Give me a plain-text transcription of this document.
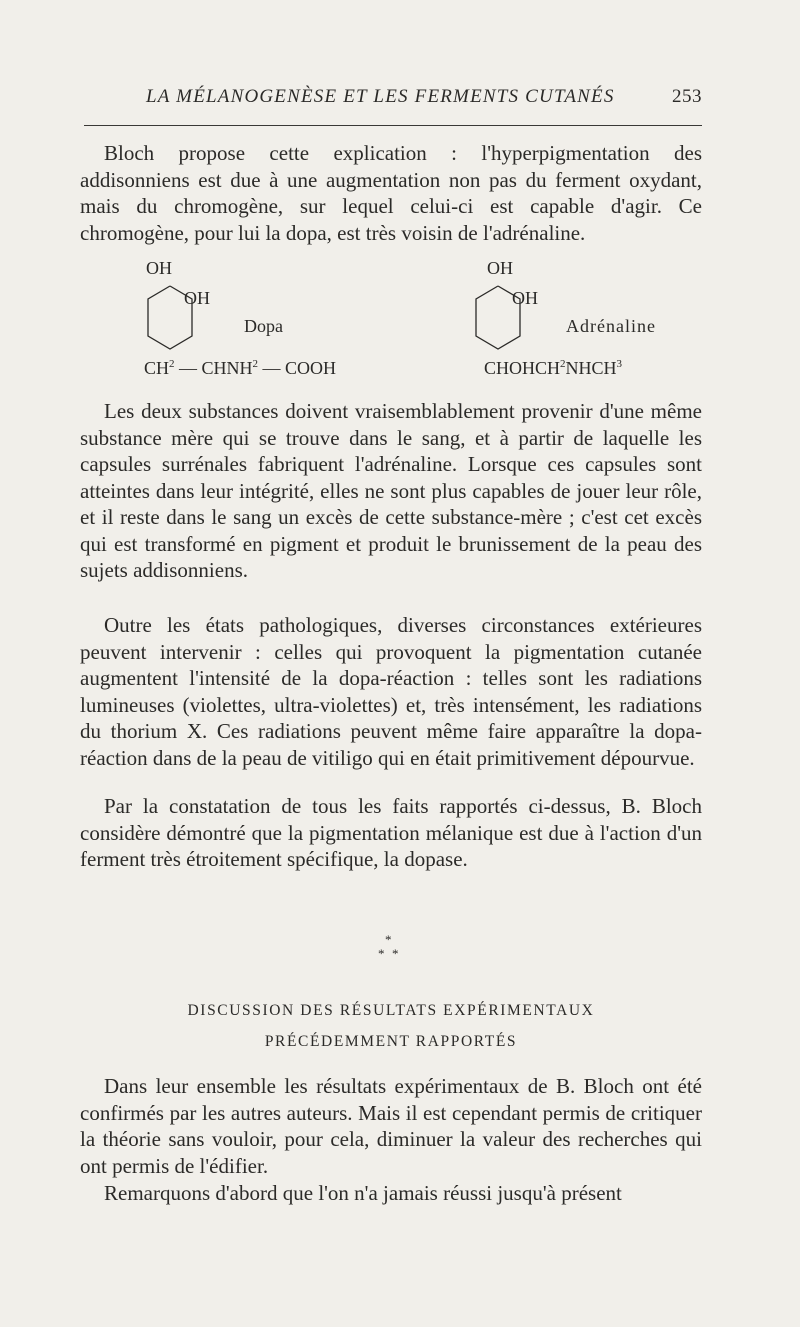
LA MÉLANOGENÈSE ET LES FERMENTS CUTANÉS	253

Bloch propose cette explication : l'hyperpigmentation des addisonniens est due à une augmentation non pas du ferment oxydant, mais du chromogène, sur lequel celui-ci est capable d'agir. Ce chromogène, pour lui la dopa, est très voisin de l'adrénaline.

OH
OH
Dopa
$CH^2$ — CHNH$^2$ — COOH
OH
OH
Adrénaline
CHOHCH$^2$NHCH$^3$

Les deux substances doivent vraisemblablement provenir d'une même substance mère qui se trouve dans le sang, et à partir de laquelle les capsules surrénales fabriquent l'adrénaline. Lorsque ces capsules sont atteintes dans leur intégrité, elles ne sont plus capables de jouer leur rôle, et il reste dans le sang un excès de cette substance-mère ; c'est cet excès qui est transformé en pigment et produit le brunissement de la peau des sujets addisonniens.

Outre les états pathologiques, diverses circonstances extérieures peuvent intervenir : celles qui provoquent la pigmentation cutanée augmentent l'intensité de la dopa-réaction : telles sont les radiations lumineuses (violettes, ultra-violettes) et, très intensément, les radiations du thorium X. Ces radiations peuvent même faire apparaître la dopa-réaction dans de la peau de vitiligo qui en était primitivement dépourvue.

Par la constatation de tous les faits rapportés ci-dessus, B. Bloch considère démontré que la pigmentation mélanique est due à l'action d'un ferment très étroitement spécifique, la dopase.

*
* *
DISCUSSION DES RÉSULTATS EXPÉRIMENTAUX
PRÉCÉDEMMENT RAPPORTÉS

Dans leur ensemble les résultats expérimentaux de B. Bloch ont été confirmés par les autres auteurs. Mais il est cependant permis de critiquer la théorie sans vouloir, pour cela, diminuer la valeur des recherches qui ont permis de l'édifier.

Remarquons d'abord que l'on n'a jamais réussi jusqu'à présent
